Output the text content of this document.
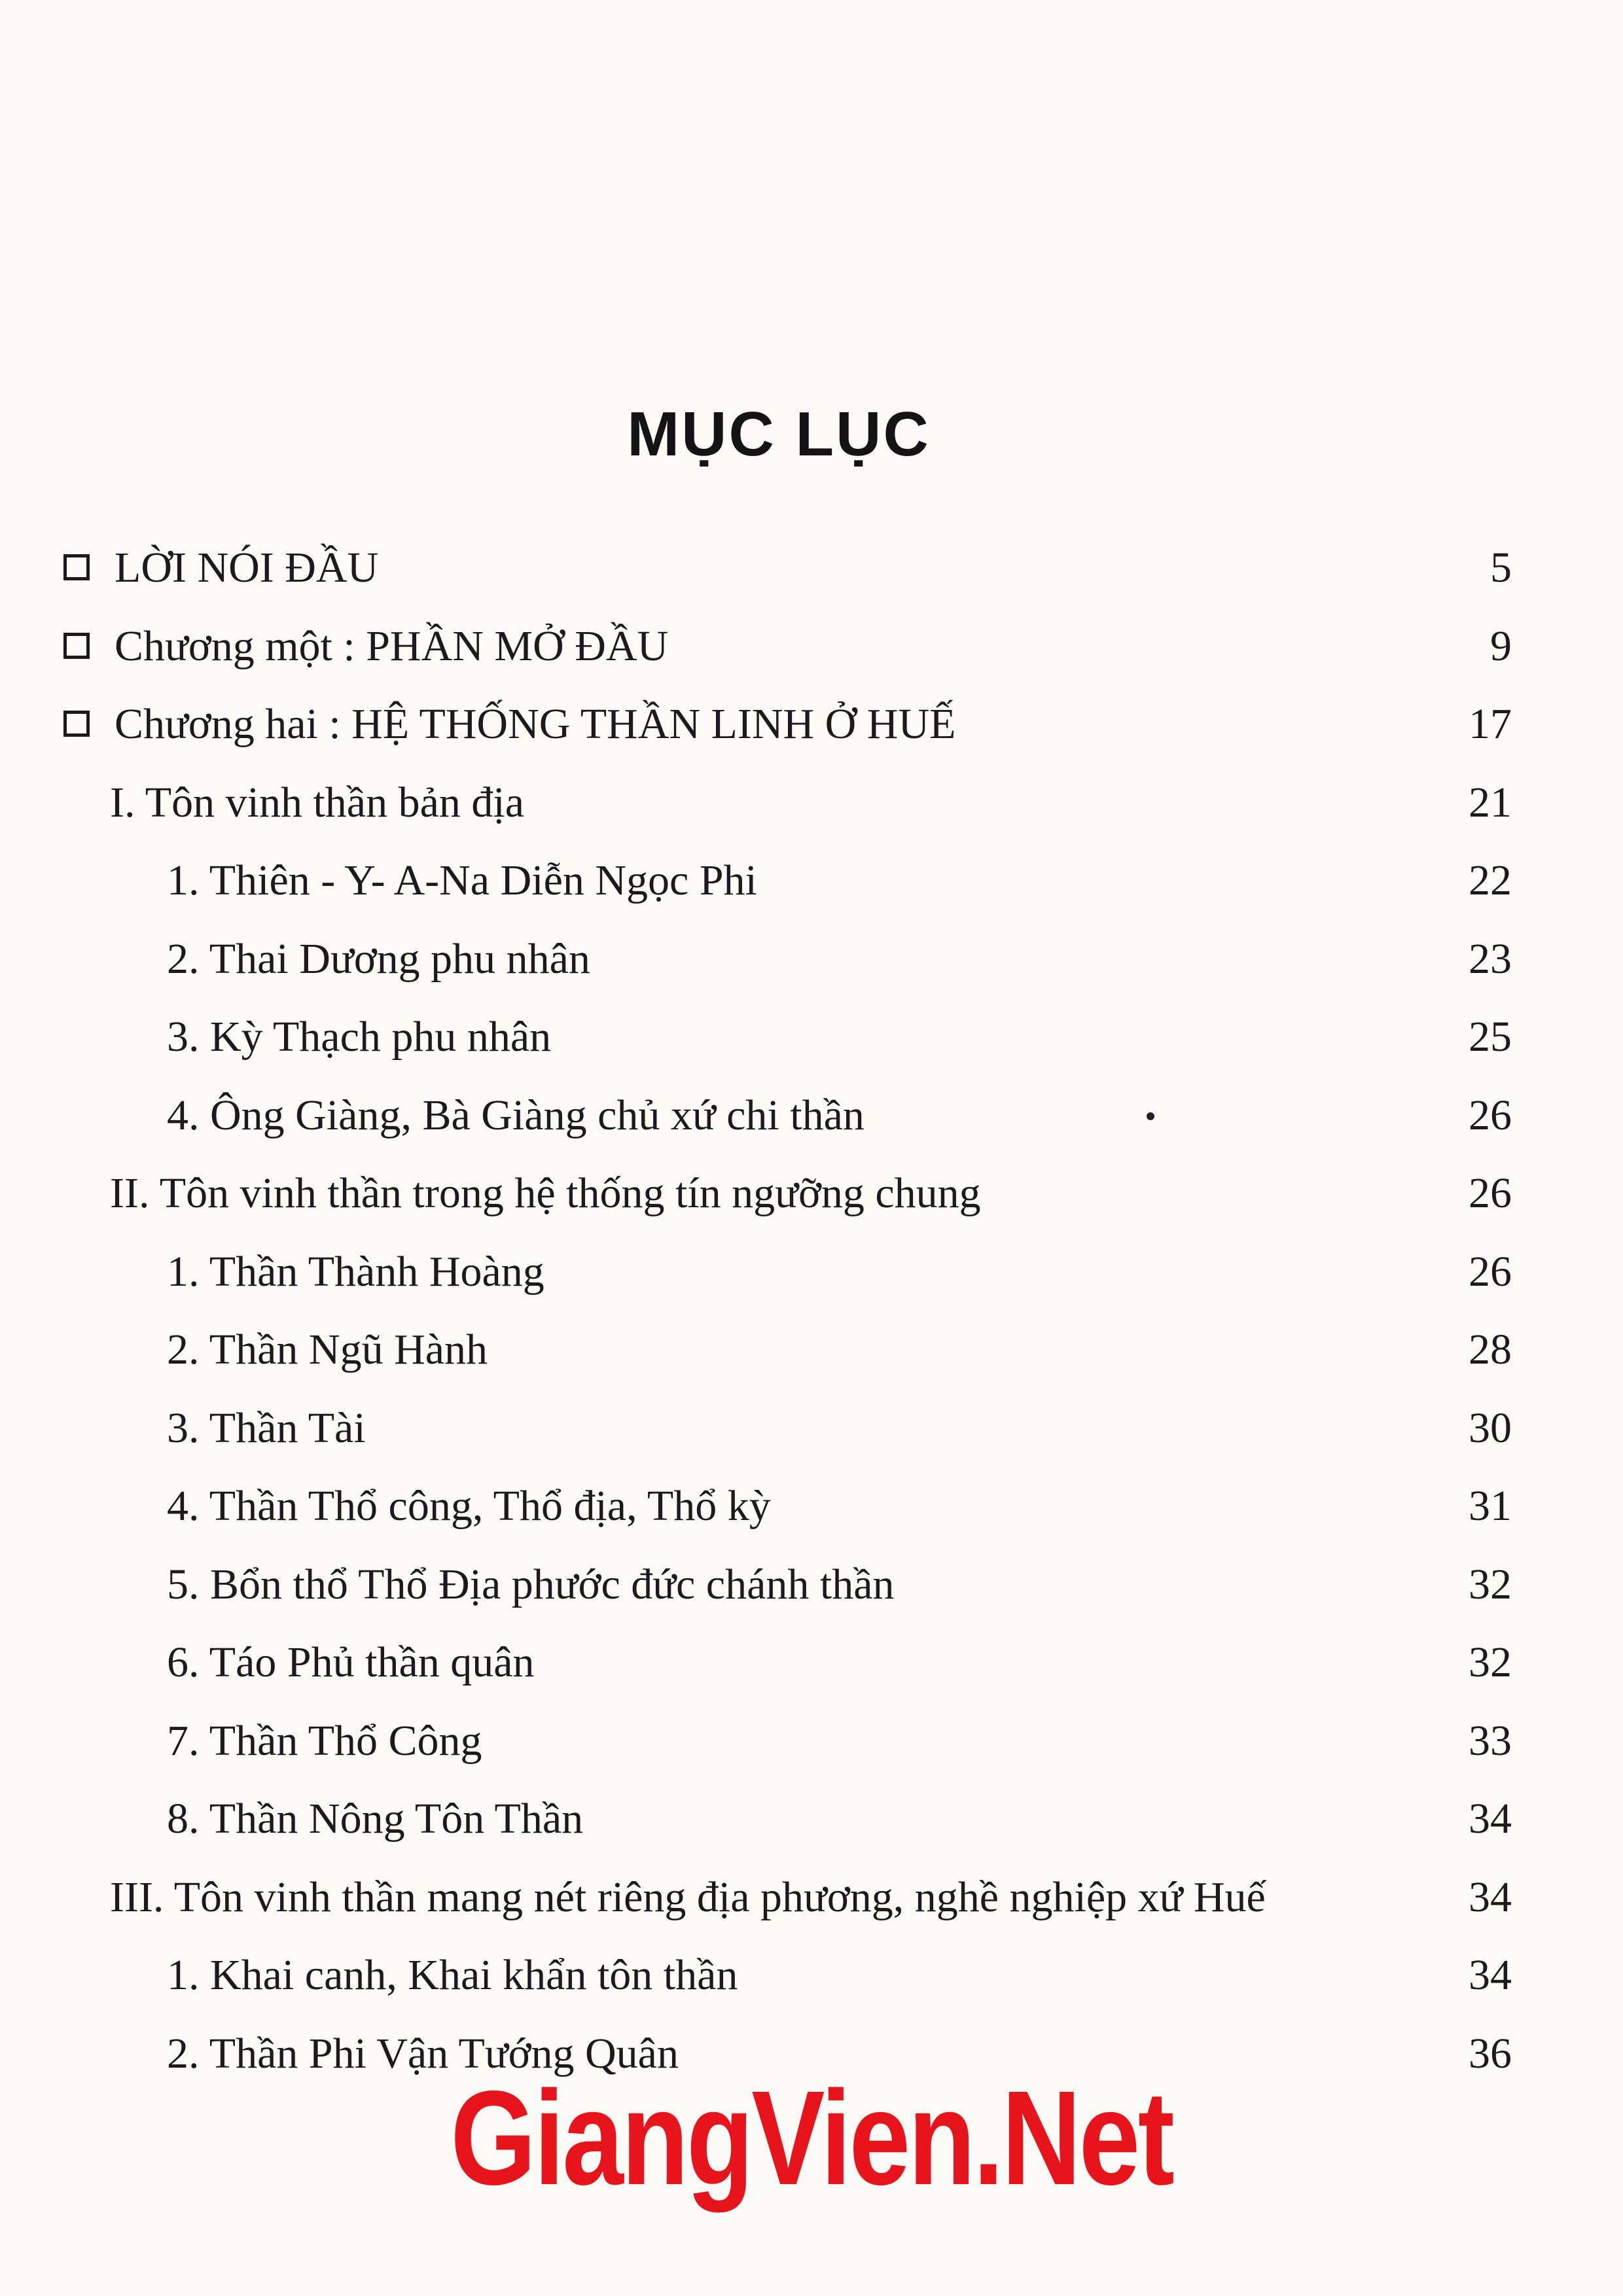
MỤC LỤC
LỜI NÓI ĐẦU	5
Chương một : PHẦN MỞ ĐẦU	9
Chương hai : HỆ THỐNG THẦN LINH Ở HUẾ	17
I. Tôn vinh thần bản địa	21
1. Thiên - Y- A-Na Diễn Ngọc Phi	22
2. Thai Dương phu nhân	23
3. Kỳ Thạch phu nhân	25
4. Ông Giàng, Bà Giàng chủ xứ chi thần	26
II. Tôn vinh thần trong hệ thống tín ngưỡng chung	26
1. Thần Thành Hoàng	26
2. Thần Ngũ Hành	28
3. Thần Tài	30
4. Thần Thổ công, Thổ địa, Thổ kỳ	31
5. Bổn thổ Thổ Địa phước đức chánh thần	32
6. Táo Phủ thần quân	32
7. Thần Thổ Công	33
8. Thần Nông Tôn Thần	34
III. Tôn vinh thần mang nét riêng địa phương, nghề nghiệp xứ Huế	34
1. Khai canh, Khai khẩn tôn thần	34
2. Thần Phi Vận Tướng Quân	36
GiangVien.Net
